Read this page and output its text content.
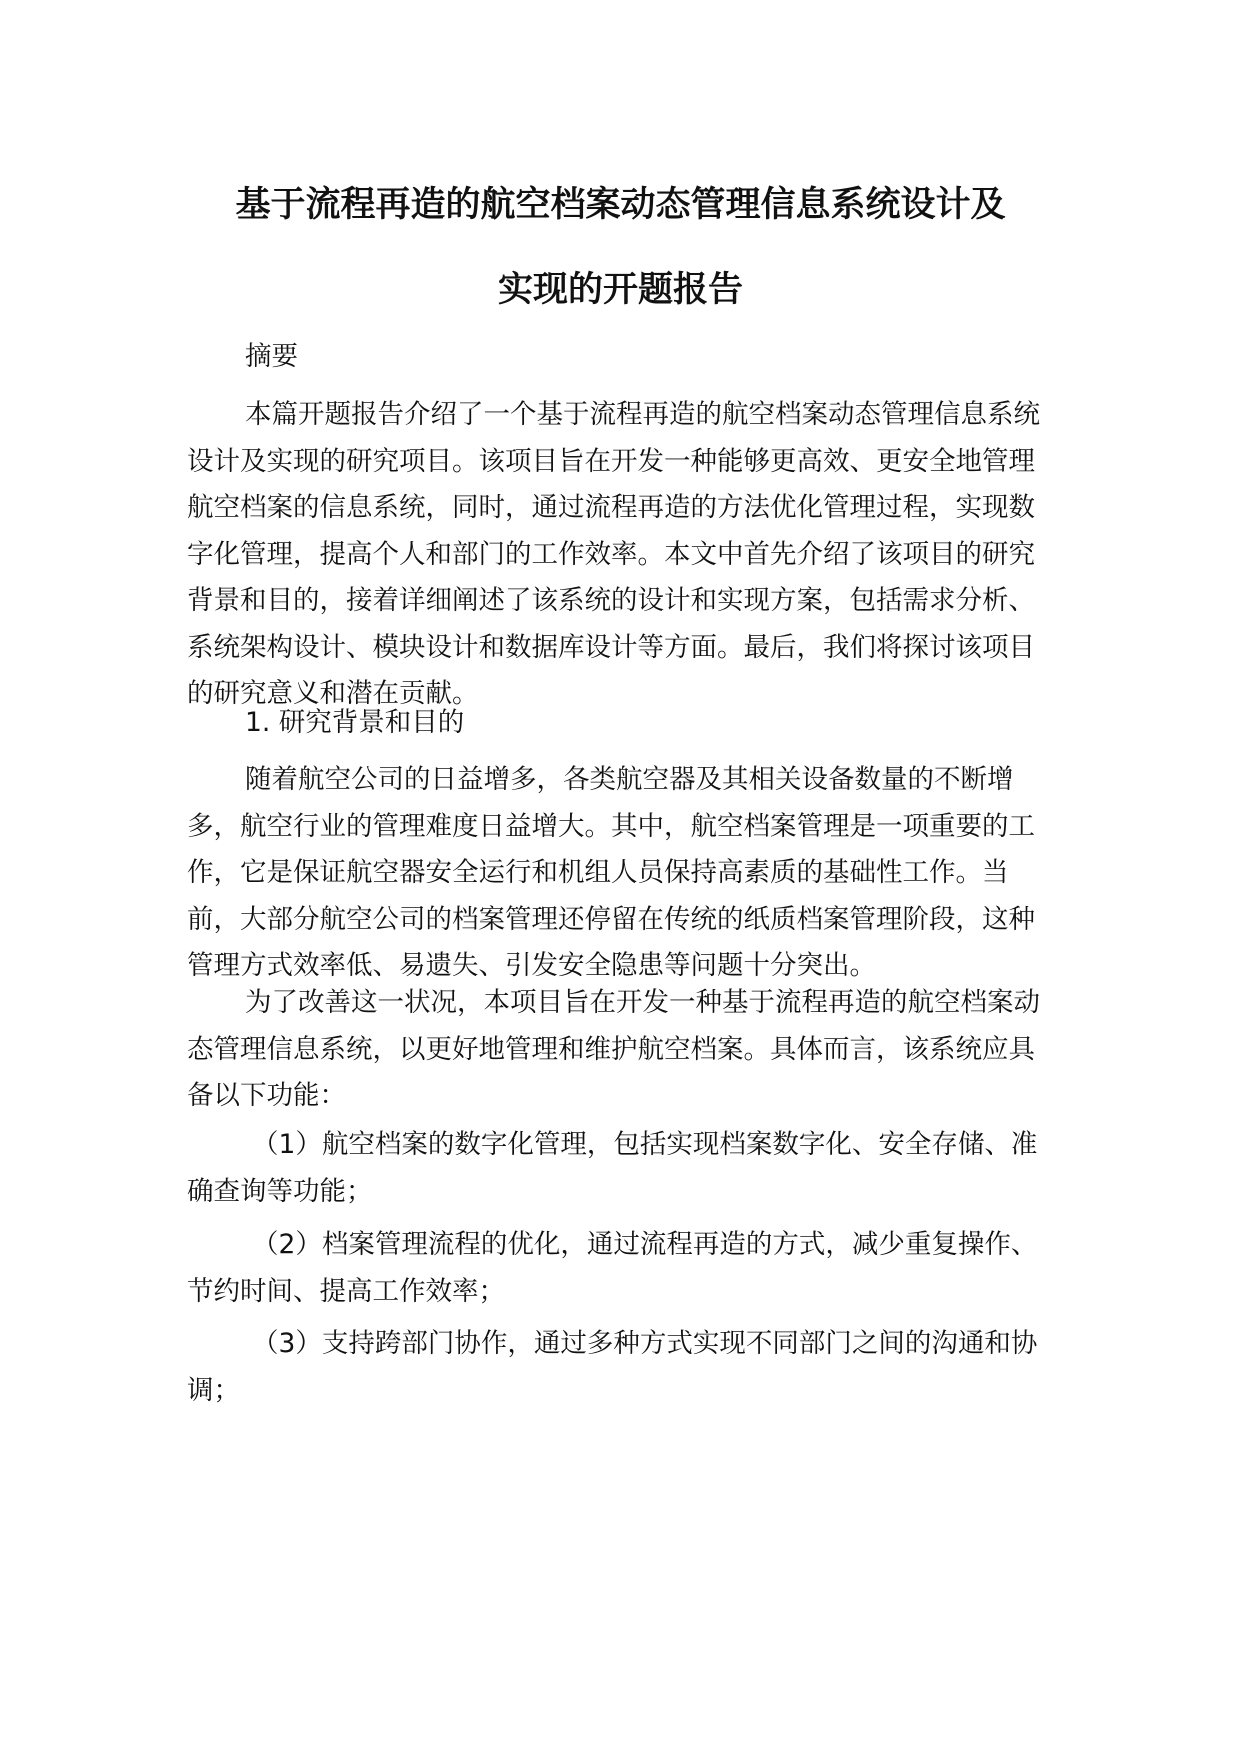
基于流程再造的航空档案动态管理信息系统设计及
实现的开题报告

摘要

本篇开题报告介绍了一个基于流程再造的航空档案动态管理信息系统设计及实现的研究项目。该项目旨在开发一种能够更高效、更安全地管理航空档案的信息系统，同时，通过流程再造的方法优化管理过程，实现数字化管理，提高个人和部门的工作效率。本文中首先介绍了该项目的研究背景和目的，接着详细阐述了该系统的设计和实现方案，包括需求分析、系统架构设计、模块设计和数据库设计等方面。最后，我们将探讨该项目的研究意义和潜在贡献。

1. 研究背景和目的

随着航空公司的日益增多，各类航空器及其相关设备数量的不断增多，航空行业的管理难度日益增大。其中，航空档案管理是一项重要的工作，它是保证航空器安全运行和机组人员保持高素质的基础性工作。当前，大部分航空公司的档案管理还停留在传统的纸质档案管理阶段，这种管理方式效率低、易遗失、引发安全隐患等问题十分突出。

为了改善这一状况，本项目旨在开发一种基于流程再造的航空档案动态管理信息系统，以更好地管理和维护航空档案。具体而言，该系统应具备以下功能：

（1）航空档案的数字化管理，包括实现档案数字化、安全存储、准确查询等功能；

（2）档案管理流程的优化，通过流程再造的方式，减少重复操作、节约时间、提高工作效率；

（3）支持跨部门协作，通过多种方式实现不同部门之间的沟通和协调；
